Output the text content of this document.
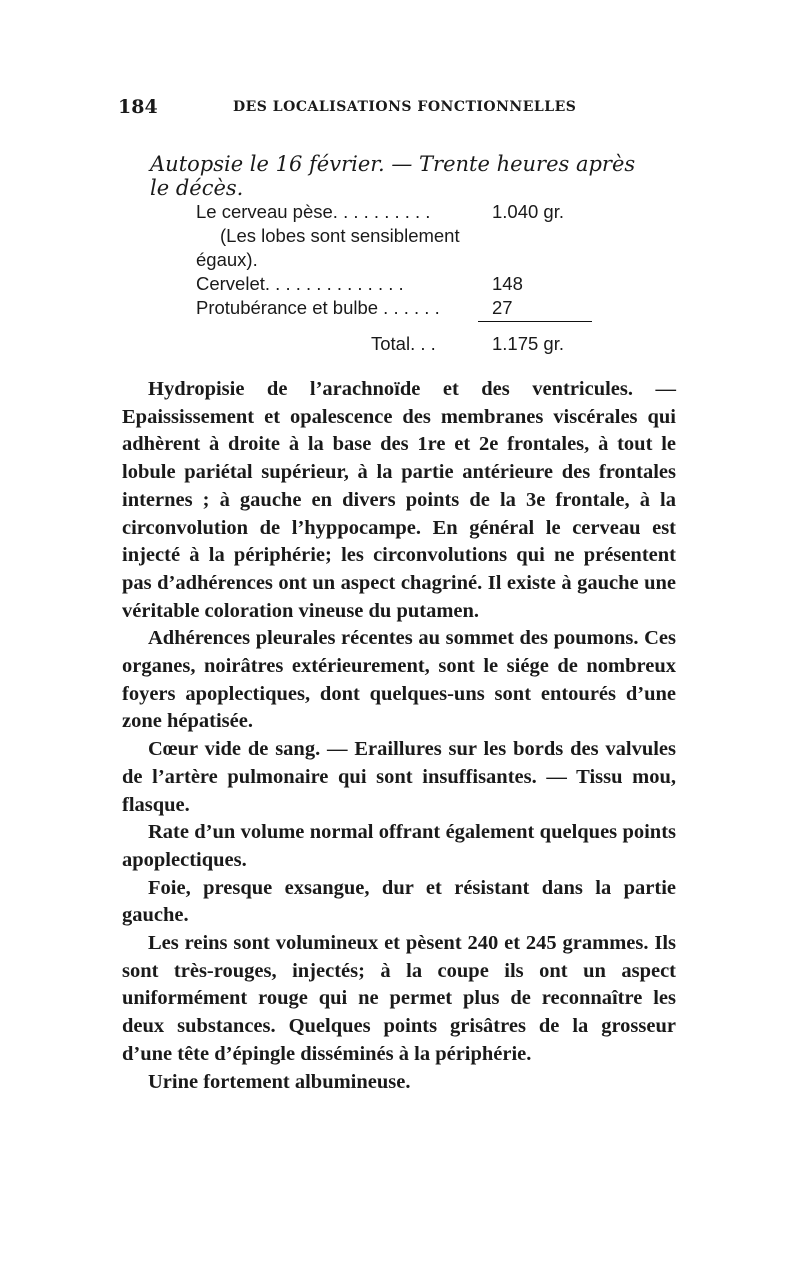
184	DES LOCALISATIONS FONCTIONNELLES
Autopsie le 16 février. — Trente heures après le décès.
Le cerveau pèse. . . . . . . . . .	1.040 gr.
(Les lobes sont sensiblement
égaux).
Cervelet. . . . . . . . . . . . . .	148
Protubérance et bulbe . . . . . .	27
Total. . .	1.175 gr.

Hydropisie de l’arachnoïde et des ventricules. — Epaississement et opalescence des membranes viscérales qui adhèrent à droite à la base des 1re et 2e frontales, à tout le lobule pariétal supérieur, à la partie antérieure des frontales internes ; à gauche en divers points de la 3e frontale, à la circonvolution de l’hyppocampe. En général le cerveau est injecté à la périphérie; les circonvolutions qui ne présentent pas d’adhérences ont un aspect chagriné. Il existe à gauche une véritable coloration vineuse du putamen.

Adhérences pleurales récentes au sommet des poumons. Ces organes, noirâtres extérieurement, sont le siége de nombreux foyers apoplectiques, dont quelques-uns sont entourés d’une zone hépatisée.

Cœur vide de sang. — Eraillures sur les bords des valvules de l’artère pulmonaire qui sont insuffisantes. — Tissu mou, flasque.

Rate d’un volume normal offrant également quelques points apoplectiques.

Foie, presque exsangue, dur et résistant dans la partie gauche.

Les reins sont volumineux et pèsent 240 et 245 grammes. Ils sont très-rouges, injectés; à la coupe ils ont un aspect uniformément rouge qui ne permet plus de reconnaître les deux substances. Quelques points grisâtres de la grosseur d’une tête d’épingle disséminés à la périphérie.

Urine fortement albumineuse.
